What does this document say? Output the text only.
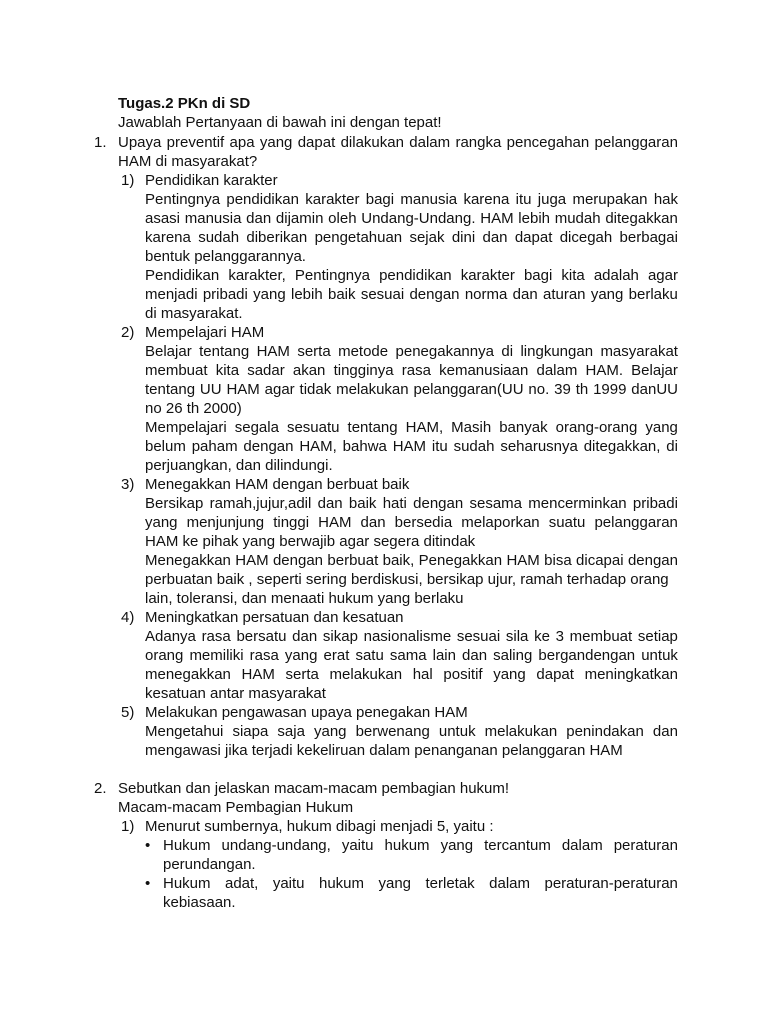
Tugas.2 PKn di SD
Jawablah Pertanyaan di bawah ini dengan tepat!
1. Upaya preventif apa yang dapat dilakukan dalam rangka pencegahan pelanggaran
HAM di masyarakat?
1) Pendidikan karakter
Pentingnya pendidikan karakter bagi manusia karena itu juga merupakan hak
asasi manusia dan dijamin oleh Undang-Undang. HAM lebih mudah ditegakkan
karena sudah diberikan pengetahuan sejak dini dan dapat dicegah berbagai
bentuk pelanggarannya.
Pendidikan karakter, Pentingnya pendidikan karakter bagi kita adalah agar
menjadi pribadi yang lebih baik sesuai dengan norma dan aturan yang berlaku
di masyarakat.
2) Mempelajari HAM
Belajar tentang HAM serta metode penegakannya di lingkungan masyarakat
membuat kita sadar akan tingginya rasa kemanusiaan dalam HAM. Belajar
tentang UU HAM agar tidak melakukan pelanggaran(UU no. 39 th 1999 danUU
no 26 th 2000)
Mempelajari segala sesuatu tentang HAM, Masih banyak orang-orang yang
belum paham dengan HAM, bahwa HAM itu sudah seharusnya ditegakkan, di
perjuangkan, dan dilindungi.
3) Menegakkan HAM dengan berbuat baik
Bersikap ramah,jujur,adil dan baik hati dengan sesama mencerminkan pribadi
yang menjunjung tinggi HAM dan bersedia melaporkan suatu pelanggaran
HAM ke pihak yang berwajib agar segera ditindak
Menegakkan HAM dengan berbuat baik, Penegakkan HAM bisa dicapai dengan
perbuatan baik , seperti sering berdiskusi, bersikap ujur, ramah terhadap orang
lain, toleransi, dan menaati hukum yang berlaku
4) Meningkatkan persatuan dan kesatuan
Adanya rasa bersatu dan sikap nasionalisme sesuai sila ke 3 membuat setiap
orang memiliki rasa yang erat satu sama lain dan saling bergandengan untuk
menegakkan HAM serta melakukan hal positif yang dapat meningkatkan
kesatuan antar masyarakat
5) Melakukan pengawasan upaya penegakan HAM
Mengetahui siapa saja yang berwenang untuk melakukan penindakan dan
mengawasi jika terjadi kekeliruan dalam penanganan pelanggaran HAM
2. Sebutkan dan jelaskan macam-macam pembagian hukum!
Macam-macam Pembagian Hukum
1) Menurut sumbernya, hukum dibagi menjadi 5, yaitu :
• Hukum undang-undang, yaitu hukum yang tercantum dalam peraturan
perundangan.
• Hukum adat, yaitu hukum yang terletak dalam peraturan-peraturan
kebiasaan.
